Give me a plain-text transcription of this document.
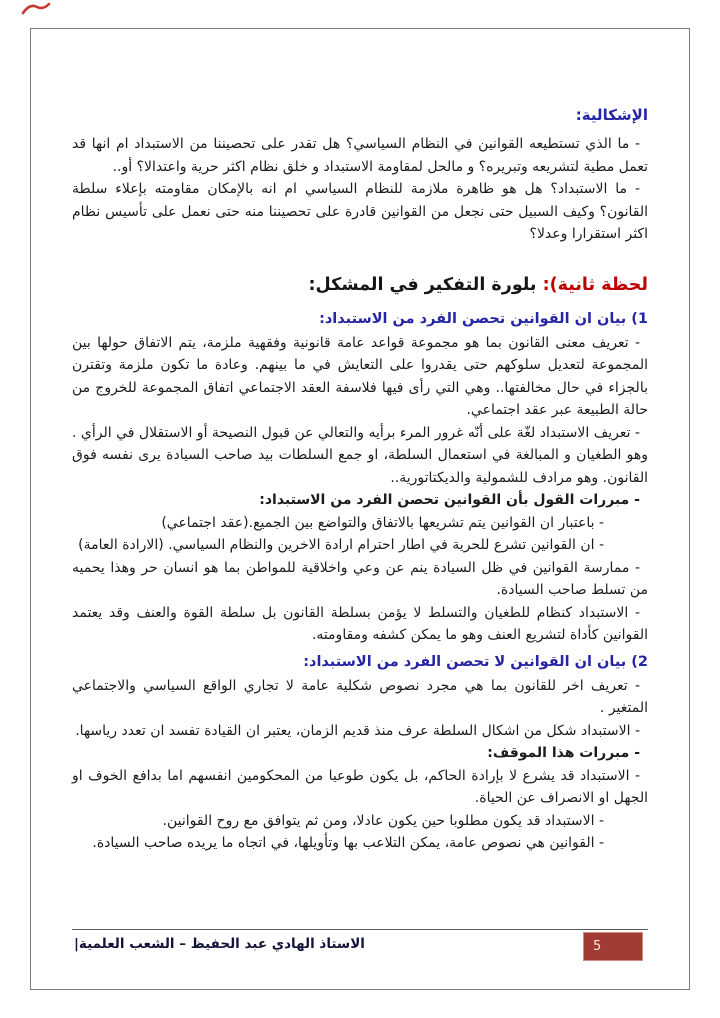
الإشكالية:

- ما الذي تستطيعه القوانين في النظام السياسي؟ هل تقدر على تحصيننا من الاستبداد ام انها قد تعمل مطية لتشريعه وتبريره؟ و مالحل لمقاومة الاستبداد و خلق نظام اكثر حرية واعتدالا؟ أو..

- ما الاستبداد؟ هل هو ظاهرة ملازمة للنظام السياسي ام انه بالإمكان مقاومته بإعلاء سلطة القانون؟ وكيف السبيل حتى نجعل من القوانين قادرة على تحصيننا منه حتى نعمل على تأسيس نظام اكثر استقرارا وعدلا؟

لحظة ثانية): بلورة التفكير في المشكل:
1) بيان ان القوانين تحصن الفرد من الاستبداد:

- تعريف معنى القانون بما هو مجموعة قواعد عامة قانونية وفقهية ملزمة، يتم الاتفاق حولها بين المجموعة لتعديل سلوكهم حتى يقدروا على التعايش في ما بينهم. وعادة ما تكون ملزمة وتقترن بالجزاء في حال مخالفتها.. وهي التي رأى فيها فلاسفة العقد الاجتماعي اتفاق المجموعة للخروج من حالة الطبيعة عبر عقد اجتماعي.

- تعريف الاستبداد لغّة على أنّه غرور المرء برأيه والتعالي عن قبول النصيحة أو الاستقلال في الرأي . وهو الطغيان و المبالغة في استعمال السلطة، او جمع السلطات بيد صاحب السيادة يرى نفسه فوق القانون. وهو مرادف للشمولية والديكتاتورية..

- مبررات القول بأن القوانين تحصن الفرد من الاستبداد:

- باعتبار ان القوانين يتم تشريعها بالاتفاق والتواضع بين الجميع.(عقد اجتماعي)

- ان القوانين تشرع للحرية في اطار احترام ارادة الاخرين والنظام السياسي. (الارادة العامة)

- ممارسة القوانين في ظل السيادة ينم عن وعي واخلاقية للمواطن بما هو انسان حر وهذا يحميه من تسلط صاحب السيادة.

- الاستبداد كنظام للطغيان والتسلط لا يؤمن بسلطة القانون بل سلطة القوة والعنف وقد يعتمد القوانين كأداة لتشريع العنف وهو ما يمكن كشفه ومقاومته.

2) بيان ان القوانين لا تحصن الفرد من الاستبداد:

- تعريف اخر للقانون بما هي مجرد نصوص شكلية عامة لا تجاري الواقع السياسي والاجتماعي المتغير .

- الاستبداد شكل من اشكال السلطة عرف منذ قديم الزمان، يعتبر ان القيادة تفسد ان تعدد رياسها.

- مبررات هذا الموقف:

- الاستبداد قد يشرع لا بإرادة الحاكم، بل يكون طوعيا من المحكومين انفسهم اما بدافع الخوف او الجهل او الانصراف عن الحياة.

- الاستبداد قد يكون مطلوبا حين يكون عادلا، ومن ثم يتوافق مع روح القوانين.

- القوانين هي نصوص عامة، يمكن التلاعب بها وتأويلها، في اتجاه ما يريده صاحب السيادة.

الاستاذ الهادي عبد الحفيظ – الشعب العلمية|	5
